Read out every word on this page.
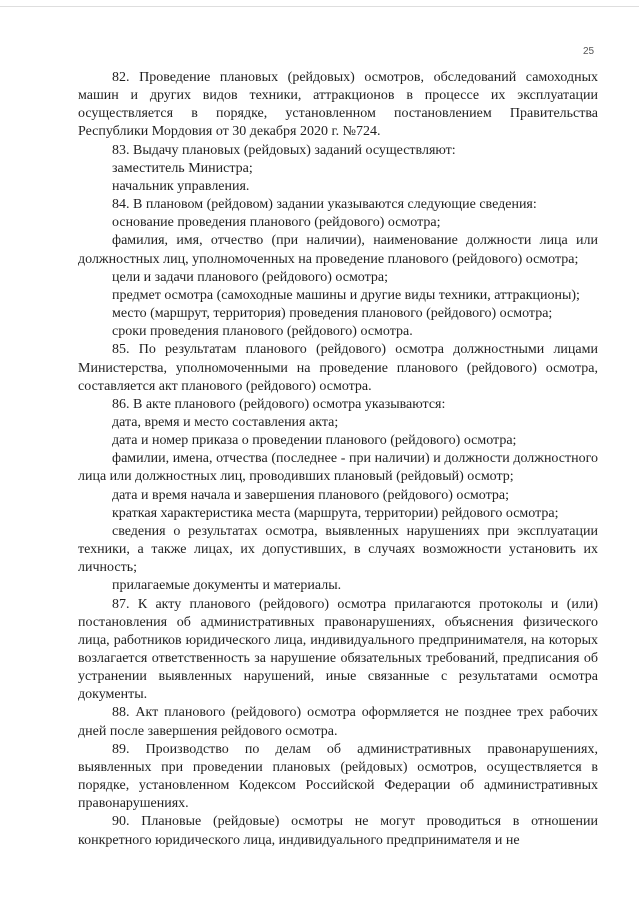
25

82. Проведение плановых (рейдовых) осмотров, обследований самоходных машин и других видов техники, аттракционов в процессе их эксплуатации осуществляется в порядке, установленном постановлением Правительства Республики Мордовия от 30 декабря 2020 г. №724.

83. Выдачу плановых (рейдовых) заданий осуществляют:

заместитель Министра;

начальник управления.

84. В плановом (рейдовом) задании указываются следующие сведения:

основание проведения планового (рейдового) осмотра;

фамилия, имя, отчество (при наличии), наименование должности лица или должностных лиц, уполномоченных на проведение планового (рейдового) осмотра;

цели и задачи планового (рейдового) осмотра;

предмет осмотра (самоходные машины и другие виды техники, аттракционы);

место (маршрут, территория) проведения планового (рейдового) осмотра;

сроки проведения планового (рейдового) осмотра.

85. По результатам планового (рейдового) осмотра должностными лицами Министерства, уполномоченными на проведение планового (рейдового) осмотра, составляется акт планового (рейдового) осмотра.

86. В акте планового (рейдового) осмотра указываются:

дата, время и место составления акта;

дата и номер приказа о проведении планового (рейдового) осмотра;

фамилии, имена, отчества (последнее - при наличии) и должности должностного лица или должностных лиц, проводивших плановый (рейдовый) осмотр;

дата и время начала и завершения планового (рейдового) осмотра;

краткая характеристика места (маршрута, территории) рейдового осмотра;

сведения о результатах осмотра, выявленных нарушениях при эксплуатации техники, а также лицах, их допустивших, в случаях возможности установить их личность;

прилагаемые документы и материалы.

87. К акту планового (рейдового) осмотра прилагаются протоколы и (или) постановления об административных правонарушениях, объяснения физического лица, работников юридического лица, индивидуального предпринимателя, на которых возлагается ответственность за нарушение обязательных требований, предписания об устранении выявленных нарушений, иные связанные с результатами осмотра документы.

88. Акт планового (рейдового) осмотра оформляется не позднее трех рабочих дней после завершения рейдового осмотра.

89. Производство по делам об административных правонарушениях, выявленных при проведении плановых (рейдовых) осмотров, осуществляется в порядке, установленном Кодексом Российской Федерации об административных правонарушениях.

90. Плановые (рейдовые) осмотры не могут проводиться в отношении конкретного юридического лица, индивидуального предпринимателя и не
